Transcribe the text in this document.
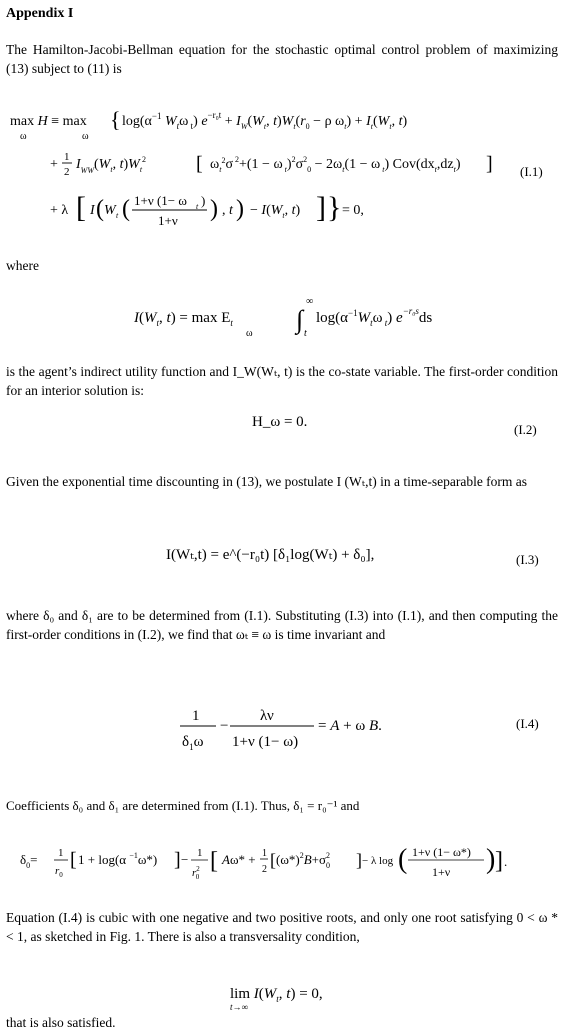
Appendix I
The Hamilton-Jacobi-Bellman equation for the stochastic optimal control problem of maximizing (13) subject to (11) is
max H ≡ max {log(α⁻¹ Wₜωₜ) e^(−r₀t) + I_W(Wₜ,t)Wₜ(r₀ − ρ ωₜ) + Iₜ(Wₜ,t)
max H ≡ max
ω	ω
{ $\log(\alpha^{-1}$ $W_t\omega$ $_t$) $e^{-r_0t} + I_W(W_t$, $t)W_t(r_0 - \rho$ $\omega_t) + I_t(W_t$, t)
+ 1
2 $I_{WW}(W_t$, $t)W_t^2$ [ $\omega_t^2\sigma$ $^2$+(1 − ω $_t)^2\sigma^2_0 - 2\omega_t(1 - \omega$ $_t$) $Cov(dx_t,dz_t)$ ] (I.1)
+ λ [ I ( W t ( 1+ν (1− ω t )
1+ν ) , t ) − $I(W_t$, t) ] } = 0,
where
I(Wₜ,t) = max Eₜ ∫ₜ^∞ log(α⁻¹Wₜωₜ) e^(−r₀s) ds
$I(W_t$, $t) = \max E_t$
ω ∫
∞
t
$\log(\alpha^{-1}W_t\omega$ $_t$) $e^{-r_0s}ds$
is the agent’s indirect utility function and I_W(Wₜ, t) is the co-state variable. The first-order condition for an interior solution is:
H_ω = 0.	(I.2)
Given the exponential time discounting in (13), we postulate I (Wₜ,t) in a time-separable form as
I(Wₜ,t) = e^(−r₀t) [δ₁log(Wₜ) + δ₀],	(I.3)
where δ₀ and δ₁ are to be determined from (I.1). Substituting (I.3) into (I.1), and then computing the first-order conditions in (I.2), we find that ωₜ ≡ ω is time invariant and
1/(δ₁ω) − λν/(1+ν(1−ω)) = A + ω B.
1
$\delta_1\omega$
−
λν
1+ν (1− ω)
= A + ω B.	(I.4)
Coefficients δ₀ and δ₁ are determined from (I.1). Thus, δ₁ = r₀⁻¹ and
δ₀ = (1/r₀)[1 + log(α⁻¹ω*)] − (1/r₀²)[Aω* + ½[(ω*)²B + σ₀²] − λ log((1+ν(1−ω*))/(1+ν))].
$\delta_0= 1$
$r_0$
[ 1 + log(α $^{-1}$ω*) ] − 1
$r^2$ 0
[ Aω* + 1
2 [ $(\omega*)^2B+\sigma^2$ 0 ] − λ log ( 1+ν (1− ω*)
1+ν ) ] .
Equation (I.4) is cubic with one negative and two positive roots, and only one root satisfying 0 < ω * < 1, as sketched in Fig. 1. There is also a transversality condition,
lim_(t→∞) I(Wₜ,t) = 0,
$\lim I(W_t$, t) = 0,
t→∞
that is also satisfied.
